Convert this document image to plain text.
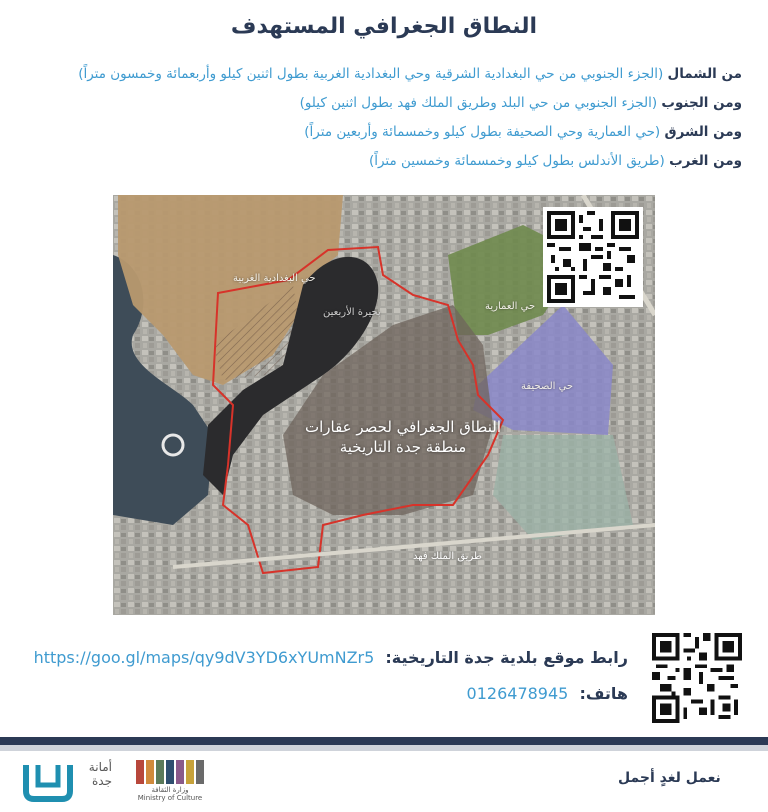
النطاق الجغرافي المستهدف
من الشمال (الجزء الجنوبي من حي البغدادية الشرقية وحي البغدادية الغربية بطول اثنين كيلو وأربعمائة وخمسون متراً)
ومن الجنوب (الجزء الجنوبي من حي البلد وطريق الملك فهد بطول اثنين كيلو)
ومن الشرق (حي العمارية وحي الصحيفة بطول كيلو وخمسمائة وأربعين متراً)
ومن الغرب (طريق الأندلس بطول كيلو وخمسمائة وخمسين متراً)
حي البغدادية الغربية
بحيرة الأربعين
حي العمارية
حي الصحيفة
طريق الملك فهد
النطاق الجغرافي لحصر عقارات
منطقة جدة التاريخية
رابط موقع بلدية جدة التاريخية: https://goo.gl/maps/qy9dV3YD6xYUmNZr5
هاتف: 0126478945
نعمل لغدٍ أجمل
وزارة الثقافة
Ministry of Culture
أمانة
جدة
